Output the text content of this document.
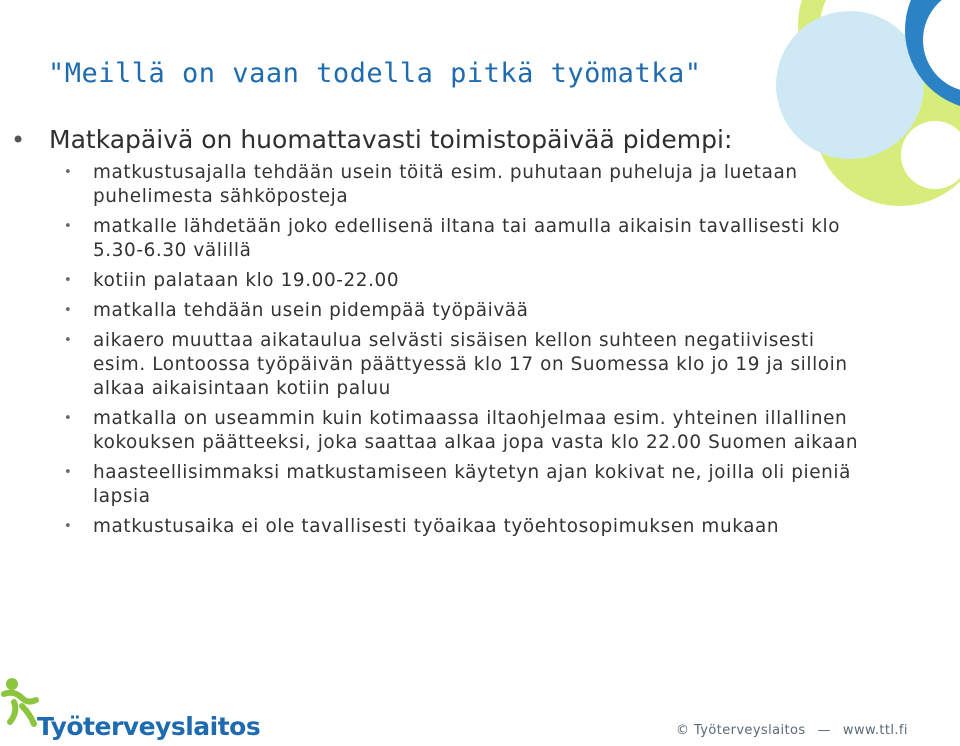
"Meillä on vaan todella pitkä työmatka"

• Matkapäivä on huomattavasti toimistopäivää pidempi:

• matkustusajalla tehdään usein töitä esim. puhutaan puheluja ja luetaan puhelimesta sähköposteja
• matkalle lähdetään joko edellisenä iltana tai aamulla aikaisin tavallisesti klo 5.30-6.30 välillä
• kotiin palataan klo 19.00-22.00
• matkalla tehdään usein pidempää työpäivää
• aikaero muuttaa aikataulua selvästi sisäisen kellon suhteen negatiivisesti esim. Lontoossa työpäivän päättyessä klo 17 on Suomessa klo jo 19 ja silloin alkaa aikaisintaan kotiin paluu
• matkalla on useammin kuin kotimaassa iltaohjelmaa esim. yhteinen illallinen kokouksen päätteeksi, joka saattaa alkaa jopa vasta klo 22.00 Suomen aikaan
• haasteellisimmaksi matkustamiseen käytetyn ajan kokivat ne, joilla oli pieniä lapsia
• matkustusaika ei ole tavallisesti työaikaa työehtosopimuksen mukaan
Työterveyslaitos	© Työterveyslaitos — www.ttl.fi
